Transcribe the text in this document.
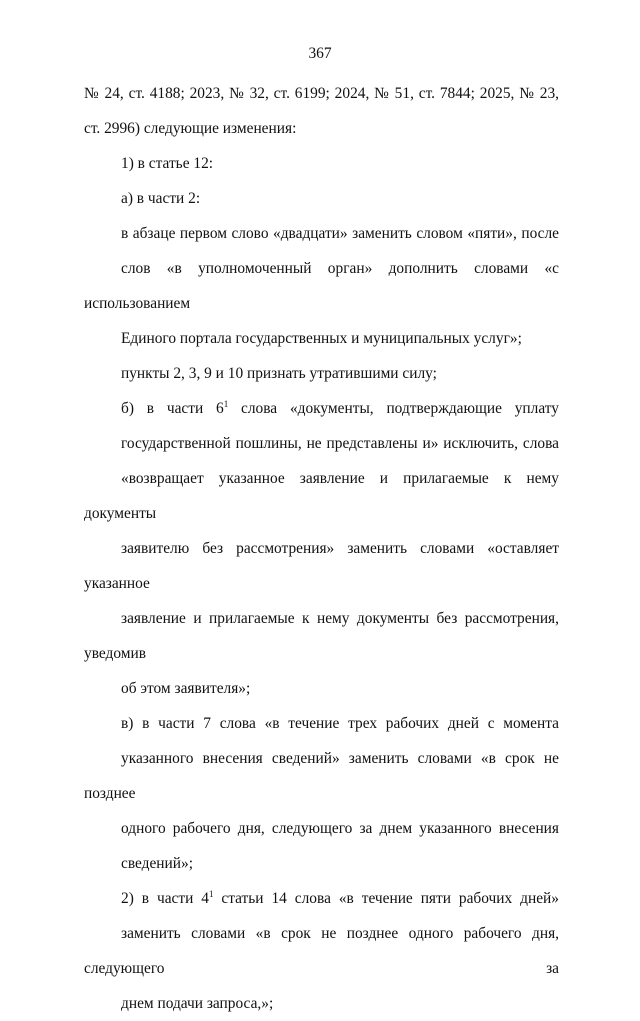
367
№ 24, ст. 4188; 2023, № 32, ст. 6199; 2024, № 51, ст. 7844; 2025, № 23,
ст. 2996) следующие изменения:
1) в статье 12:
а) в части 2:
в абзаце первом слово «двадцати» заменить словом «пяти», после
слов «в уполномоченный орган» дополнить словами «с использованием
Единого портала государственных и муниципальных услуг»;
пункты 2, 3, 9 и 10 признать утратившими силу;
б) в части $6^1$ слова «документы, подтверждающие уплату
государственной пошлины, не представлены и» исключить, слова
«возвращает указанное заявление и прилагаемые к нему документы
заявителю без рассмотрения» заменить словами «оставляет указанное
заявление и прилагаемые к нему документы без рассмотрения, уведомив
об этом заявителя»;
в) в части 7 слова «в течение трех рабочих дней с момента
указанного внесения сведений» заменить словами «в срок не позднее
одного рабочего дня, следующего за днем указанного внесения
сведений»;
2) в части $4^1$ статьи 14 слова «в течение пяти рабочих дней»
заменить словами «в срок не позднее одного рабочего дня, следующего за
днем подачи запроса,»;
